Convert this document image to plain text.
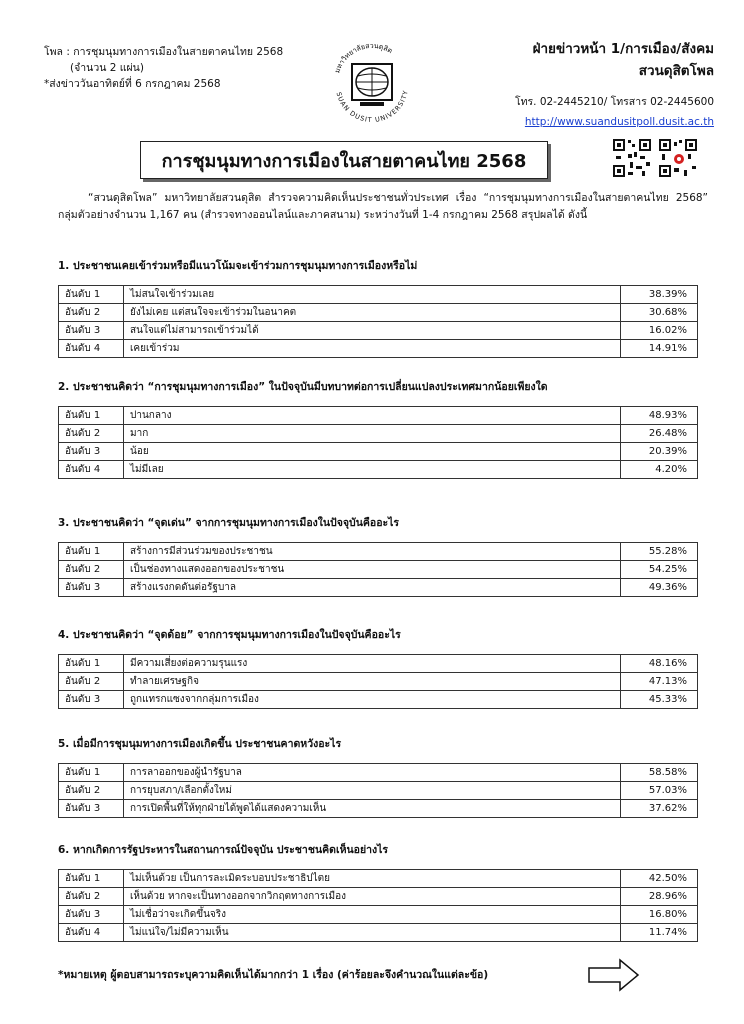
โพล : การชุมนุมทางการเมืองในสายตาคนไทย 2568
(จำนวน 2 แผ่น)
*ส่งข่าววันอาทิตย์ที่ 6 กรกฎาคม 2568
มหาวิทยาลัยสวนดุสิต
SUAN DUSIT UNIVERSITY
ฝ่ายข่าวหน้า 1/การเมือง/สังคม
สวนดุสิตโพล
โทร. 02-2445210/ โทรสาร 02-2445600
http://www.suandusitpoll.dusit.ac.th
การชุมนุมทางการเมืองในสายตาคนไทย 2568
“สวนดุสิตโพล” มหาวิทยาลัยสวนดุสิต สำรวจความคิดเห็นประชาชนทั่วประเทศ เรื่อง “การชุมนุมทางการเมืองในสายตาคนไทย 2568” กลุ่มตัวอย่างจำนวน 1,167 คน (สำรวจทางออนไลน์และภาคสนาม) ระหว่างวันที่ 1-4 กรกฎาคม 2568 สรุปผลได้ ดังนี้
1. ประชาชนเคยเข้าร่วมหรือมีแนวโน้มจะเข้าร่วมการชุมนุมทางการเมืองหรือไม่
อันดับ 1	ไม่สนใจเข้าร่วมเลย	38.39%
อันดับ 2	ยังไม่เคย แต่สนใจจะเข้าร่วมในอนาคต	30.68%
อันดับ 3	สนใจแต่ไม่สามารถเข้าร่วมได้	16.02%
อันดับ 4	เคยเข้าร่วม	14.91%
2. ประชาชนคิดว่า “การชุมนุมทางการเมือง” ในปัจจุบันมีบทบาทต่อการเปลี่ยนแปลงประเทศมากน้อยเพียงใด
อันดับ 1	ปานกลาง	48.93%
อันดับ 2	มาก	26.48%
อันดับ 3	น้อย	20.39%
อันดับ 4	ไม่มีเลย	4.20%
3. ประชาชนคิดว่า “จุดเด่น” จากการชุมนุมทางการเมืองในปัจจุบันคืออะไร
อันดับ 1	สร้างการมีส่วนร่วมของประชาชน	55.28%
อันดับ 2	เป็นช่องทางแสดงออกของประชาชน	54.25%
อันดับ 3	สร้างแรงกดดันต่อรัฐบาล	49.36%
4. ประชาชนคิดว่า “จุดด้อย” จากการชุมนุมทางการเมืองในปัจจุบันคืออะไร
อันดับ 1	มีความเสี่ยงต่อความรุนแรง	48.16%
อันดับ 2	ทำลายเศรษฐกิจ	47.13%
อันดับ 3	ถูกแทรกแซงจากกลุ่มการเมือง	45.33%
5. เมื่อมีการชุมนุมทางการเมืองเกิดขึ้น ประชาชนคาดหวังอะไร
อันดับ 1	การลาออกของผู้นำรัฐบาล	58.58%
อันดับ 2	การยุบสภา/เลือกตั้งใหม่	57.03%
อันดับ 3	การเปิดพื้นที่ให้ทุกฝ่ายได้พูดได้แสดงความเห็น	37.62%
6. หากเกิดการรัฐประหารในสถานการณ์ปัจจุบัน ประชาชนคิดเห็นอย่างไร
อันดับ 1	ไม่เห็นด้วย เป็นการละเมิดระบอบประชาธิปไตย	42.50%
อันดับ 2	เห็นด้วย หากจะเป็นทางออกจากวิกฤตทางการเมือง	28.96%
อันดับ 3	ไม่เชื่อว่าจะเกิดขึ้นจริง	16.80%
อันดับ 4	ไม่แน่ใจ/ไม่มีความเห็น	11.74%
*หมายเหตุ ผู้ตอบสามารถระบุความคิดเห็นได้มากกว่า 1 เรื่อง (ค่าร้อยละจึงคำนวณในแต่ละข้อ)
